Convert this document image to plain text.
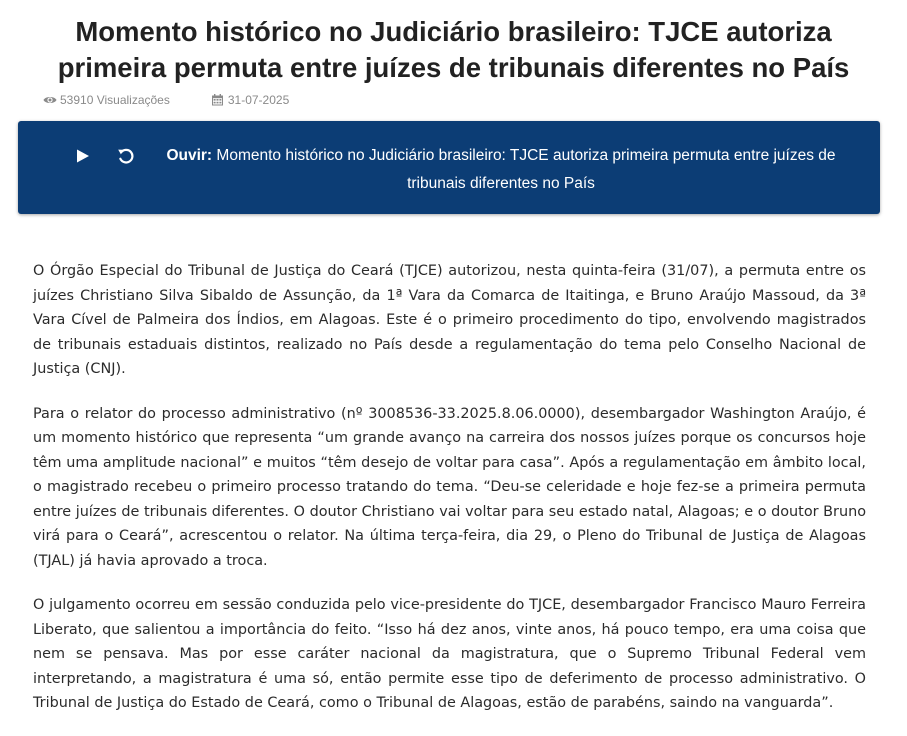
Momento histórico no Judiciário brasileiro: TJCE autoriza primeira permuta entre juízes de tribunais diferentes no País
53910 Visualizações	31-07-2025
Ouvir: Momento histórico no Judiciário brasileiro: TJCE autoriza primeira permuta entre juízes de tribunais diferentes no País

O Órgão Especial do Tribunal de Justiça do Ceará (TJCE) autorizou, nesta quinta-feira (31/07), a permuta entre os juízes Christiano Silva Sibaldo de Assunção, da 1ª Vara da Comarca de Itaitinga, e Bruno Araújo Massoud, da 3ª Vara Cível de Palmeira dos Índios, em Alagoas. Este é o primeiro procedimento do tipo, envolvendo magistrados de tribunais estaduais distintos, realizado no País desde a regulamentação do tema pelo Conselho Nacional de Justiça (CNJ).

Para o relator do processo administrativo (nº 3008536-33.2025.8.06.0000), desembargador Washington Araújo, é um momento histórico que representa “um grande avanço na carreira dos nossos juízes porque os concursos hoje têm uma amplitude nacional” e muitos “têm desejo de voltar para casa”. Após a regulamentação em âmbito local, o magistrado recebeu o primeiro processo tratando do tema. “Deu-se celeridade e hoje fez-se a primeira permuta entre juízes de tribunais diferentes. O doutor Christiano vai voltar para seu estado natal, Alagoas; e o doutor Bruno virá para o Ceará”, acrescentou o relator. Na última terça-feira, dia 29, o Pleno do Tribunal de Justiça de Alagoas (TJAL) já havia aprovado a troca.

O julgamento ocorreu em sessão conduzida pelo vice-presidente do TJCE, desembargador Francisco Mauro Ferreira Liberato, que salientou a importância do feito. “Isso há dez anos, vinte anos, há pouco tempo, era uma coisa que nem se pensava. Mas por esse caráter nacional da magistratura, que o Supremo Tribunal Federal vem interpretando, a magistratura é uma só, então permite esse tipo de deferimento de processo administrativo. O Tribunal de Justiça do Estado de Ceará, como o Tribunal de Alagoas, estão de parabéns, saindo na vanguarda”.
